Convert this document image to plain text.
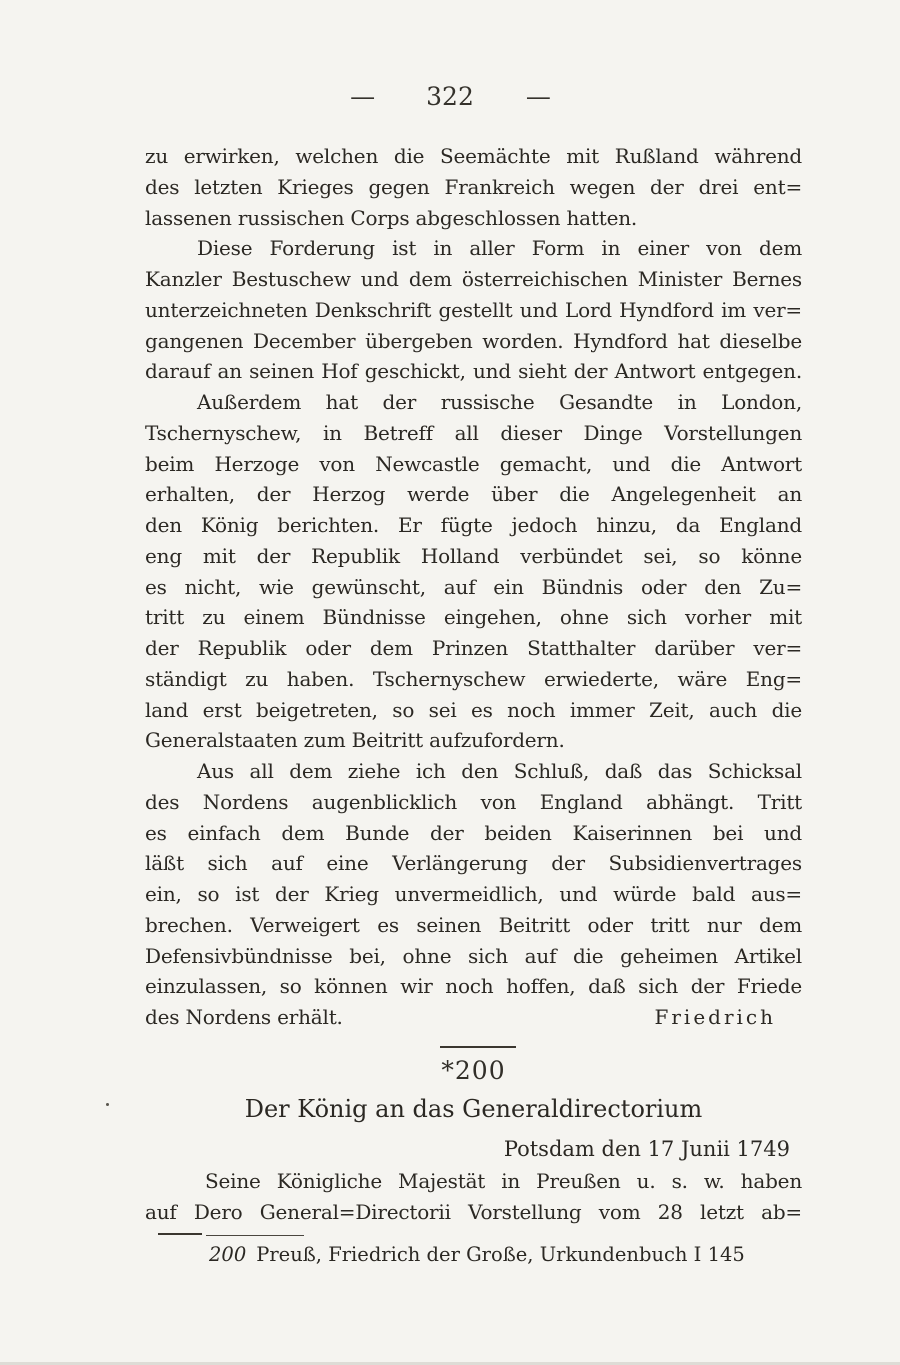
— 322 —
zu erwirken, welchen die Seemächte mit Rußland während
des letzten Krieges gegen Frankreich wegen der drei ent=
lassenen russischen Corps abgeschlossen hatten.
Diese Forderung ist in aller Form in einer von dem
Kanzler Bestuschew und dem österreichischen Minister Bernes
unterzeichneten Denkschrift gestellt und Lord Hyndford im ver=
gangenen December übergeben worden. Hyndford hat dieselbe
darauf an seinen Hof geschickt, und sieht der Antwort entgegen.
Außerdem hat der russische Gesandte in London,
Tschernyschew, in Betreff all dieser Dinge Vorstellungen
beim Herzoge von Newcastle gemacht, und die Antwort
erhalten, der Herzog werde über die Angelegenheit an
den König berichten. Er fügte jedoch hinzu, da England
eng mit der Republik Holland verbündet sei, so könne
es nicht, wie gewünscht, auf ein Bündnis oder den Zu=
tritt zu einem Bündnisse eingehen, ohne sich vorher mit
der Republik oder dem Prinzen Statthalter darüber ver=
ständigt zu haben. Tschernyschew erwiederte, wäre Eng=
land erst beigetreten, so sei es noch immer Zeit, auch die
Generalstaaten zum Beitritt aufzufordern.
Aus all dem ziehe ich den Schluß, daß das Schicksal
des Nordens augenblicklich von England abhängt. Tritt
es einfach dem Bunde der beiden Kaiserinnen bei und
läßt sich auf eine Verlängerung der Subsidienvertrages
ein, so ist der Krieg unvermeidlich, und würde bald aus=
brechen. Verweigert es seinen Beitritt oder tritt nur dem
Defensivbündnisse bei, ohne sich auf die geheimen Artikel
einzulassen, so können wir noch hoffen, daß sich der Friede
des Nordens erhält.	Friedrich
*200
Der König an das Generaldirectorium
Potsdam den 17 Junii 1749
Seine Königliche Majestät in Preußen u. s. w. haben
auf Dero General=Directorii Vorstellung vom 28 letzt ab=
200 Preuß, Friedrich der Große, Urkundenbuch I 145
